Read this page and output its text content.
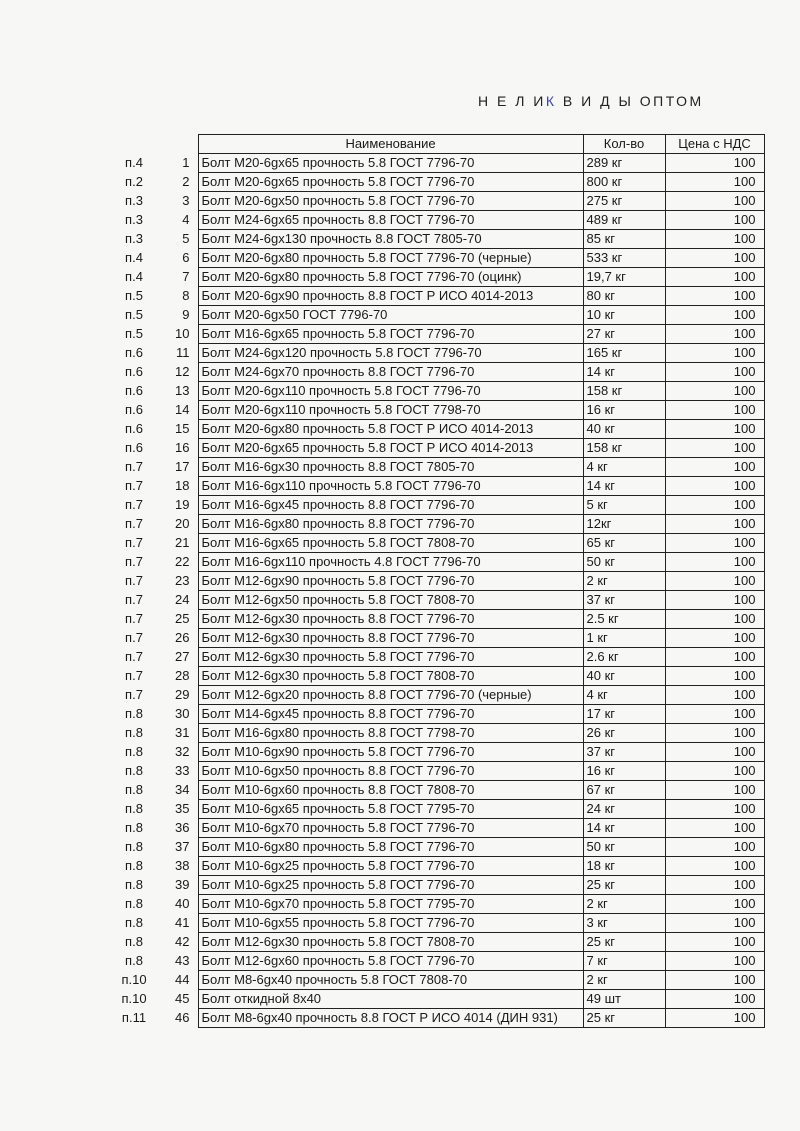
Н Е Л ИК В И Д Ы ОПТОМ
		Наименование	Кол-во	Цена с НДС
п.4	1	Болт М20-6gх65 прочность 5.8 ГОСТ 7796-70	289 кг	100
п.2	2	Болт М20-6gх65 прочность 5.8 ГОСТ 7796-70	800 кг	100
п.3	3	Болт М20-6gх50 прочность 5.8 ГОСТ 7796-70	275 кг	100
п.3	4	Болт М24-6gх65 прочность 8.8 ГОСТ 7796-70	489 кг	100
п.3	5	Болт М24-6gх130 прочность 8.8 ГОСТ 7805-70	85 кг	100
п.4	6	Болт М20-6gх80 прочность 5.8 ГОСТ 7796-70 (черные)	533 кг	100
п.4	7	Болт М20-6gх80 прочность 5.8 ГОСТ 7796-70 (оцинк)	19,7 кг	100
п.5	8	Болт М20-6gх90 прочность 8.8 ГОСТ Р ИСО 4014-2013	80 кг	100
п.5	9	Болт М20-6gх50 ГОСТ 7796-70	10 кг	100
п.5	10	Болт М16-6gх65 прочность 5.8 ГОСТ 7796-70	27 кг	100
п.6	11	Болт М24-6gх120 прочность 5.8 ГОСТ 7796-70	165 кг	100
п.6	12	Болт М24-6gх70 прочность 8.8 ГОСТ 7796-70	14 кг	100
п.6	13	Болт М20-6gх110 прочность 5.8 ГОСТ 7796-70	158 кг	100
п.6	14	Болт М20-6gх110 прочность 5.8 ГОСТ 7798-70	16 кг	100
п.6	15	Болт М20-6gх80 прочность 5.8 ГОСТ Р ИСО 4014-2013	40 кг	100
п.6	16	Болт М20-6gх65 прочность 5.8 ГОСТ Р ИСО 4014-2013	158 кг	100
п.7	17	Болт М16-6gх30 прочность 8.8 ГОСТ 7805-70	4 кг	100
п.7	18	Болт М16-6gх110 прочность 5.8 ГОСТ 7796-70	14 кг	100
п.7	19	Болт М16-6gх45 прочность 8.8 ГОСТ 7796-70	5 кг	100
п.7	20	Болт М16-6gх80 прочность 8.8 ГОСТ 7796-70	12кг	100
п.7	21	Болт М16-6gх65 прочность 5.8 ГОСТ 7808-70	65 кг	100
п.7	22	Болт М16-6gх110 прочность 4.8 ГОСТ 7796-70	50 кг	100
п.7	23	Болт М12-6gх90 прочность 5.8 ГОСТ 7796-70	2 кг	100
п.7	24	Болт М12-6gх50 прочность 5.8 ГОСТ 7808-70	37 кг	100
п.7	25	Болт М12-6gх30 прочность 8.8 ГОСТ 7796-70	2.5 кг	100
п.7	26	Болт М12-6gх30 прочность 8.8 ГОСТ 7796-70	1 кг	100
п.7	27	Болт М12-6gх30 прочность 5.8 ГОСТ 7796-70	2.6 кг	100
п.7	28	Болт М12-6gх30 прочность 5.8 ГОСТ 7808-70	40 кг	100
п.7	29	Болт М12-6gх20 прочность 8.8 ГОСТ 7796-70 (черные)	4 кг	100
п.8	30	Болт М14-6gх45 прочность 8.8 ГОСТ 7796-70	17 кг	100
п.8	31	Болт М16-6gх80 прочность 8.8 ГОСТ 7798-70	26 кг	100
п.8	32	Болт М10-6gх90 прочность 5.8 ГОСТ 7796-70	37 кг	100
п.8	33	Болт М10-6gх50 прочность 8.8 ГОСТ 7796-70	16 кг	100
п.8	34	Болт М10-6gх60 прочность 8.8 ГОСТ 7808-70	67 кг	100
п.8	35	Болт М10-6gх65 прочность 5.8 ГОСТ 7795-70	24 кг	100
п.8	36	Болт М10-6gх70 прочность 5.8 ГОСТ 7796-70	14 кг	100
п.8	37	Болт М10-6gх80 прочность 5.8 ГОСТ 7796-70	50 кг	100
п.8	38	Болт М10-6gх25 прочность 5.8 ГОСТ 7796-70	18 кг	100
п.8	39	Болт М10-6gх25 прочность 5.8 ГОСТ 7796-70	25 кг	100
п.8	40	Болт М10-6gх70 прочность 5.8 ГОСТ 7795-70	2 кг	100
п.8	41	Болт М10-6gх55 прочность 5.8 ГОСТ 7796-70	3 кг	100
п.8	42	Болт М12-6gх30 прочность 5.8 ГОСТ 7808-70	25 кг	100
п.8	43	Болт М12-6gх60 прочность 5.8 ГОСТ 7796-70	7 кг	100
п.10	44	Болт М8-6gх40 прочность 5.8 ГОСТ 7808-70	2 кг	100
п.10	45	Болт откидной 8х40	49 шт	100
п.11	46	Болт М8-6gх40 прочность 8.8 ГОСТ Р ИСО 4014 (ДИН 931)	25 кг	100
